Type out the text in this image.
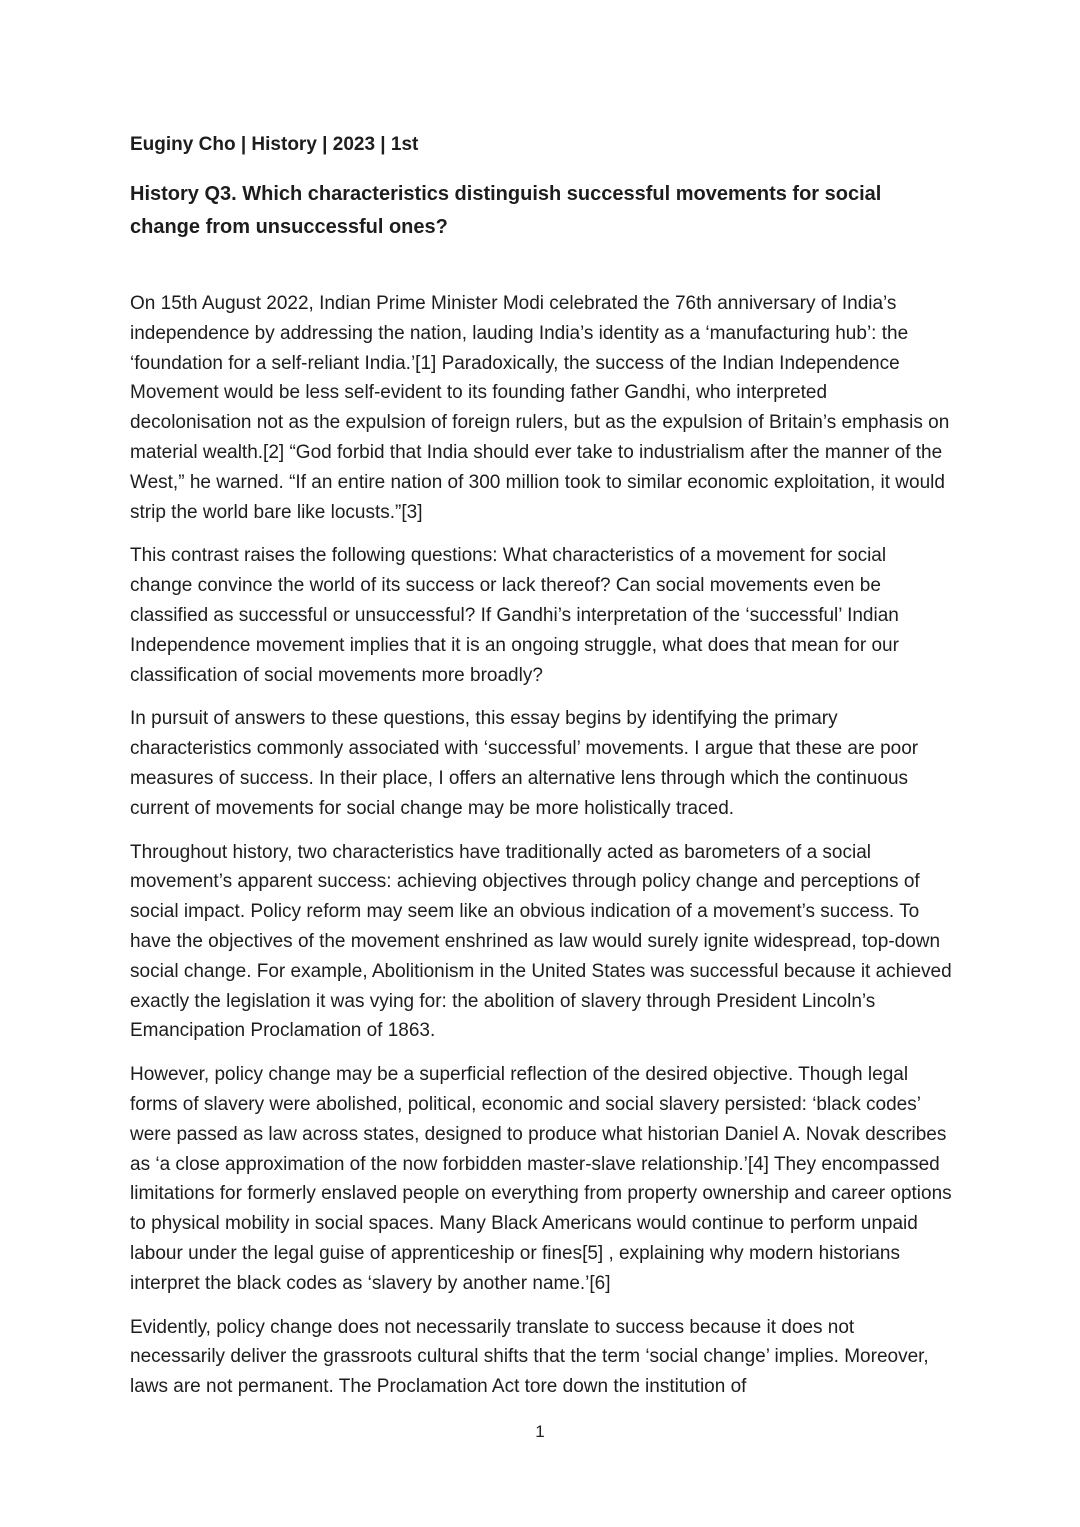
Euginy Cho | History | 2023 | 1st

History Q3. Which characteristics distinguish successful movements for social change from unsuccessful ones?

On 15th August 2022, Indian Prime Minister Modi celebrated the 76th anniversary of India’s independence by addressing the nation, lauding India’s identity as a ‘manufacturing hub’: the ‘foundation for a self-reliant India.’[1] Paradoxically, the success of the Indian Independence Movement would be less self-evident to its founding father Gandhi, who interpreted decolonisation not as the expulsion of foreign rulers, but as the expulsion of Britain’s emphasis on material wealth.[2] “God forbid that India should ever take to industrialism after the manner of the West,” he warned. “If an entire nation of 300 million took to similar economic exploitation, it would strip the world bare like locusts.”[3]

This contrast raises the following questions: What characteristics of a movement for social change convince the world of its success or lack thereof? Can social movements even be classified as successful or unsuccessful? If Gandhi’s interpretation of the ‘successful’ Indian Independence movement implies that it is an ongoing struggle, what does that mean for our classification of social movements more broadly?

In pursuit of answers to these questions, this essay begins by identifying the primary characteristics commonly associated with ‘successful’ movements. I argue that these are poor measures of success. In their place, I offers an alternative lens through which the continuous current of movements for social change may be more holistically traced.

Throughout history, two characteristics have traditionally acted as barometers of a social movement’s apparent success: achieving objectives through policy change and perceptions of social impact. Policy reform may seem like an obvious indication of a movement’s success. To have the objectives of the movement enshrined as law would surely ignite widespread, top-down social change. For example, Abolitionism in the United States was successful because it achieved exactly the legislation it was vying for: the abolition of slavery through President Lincoln’s Emancipation Proclamation of 1863.

However, policy change may be a superficial reflection of the desired objective. Though legal forms of slavery were abolished, political, economic and social slavery persisted: ‘black codes’ were passed as law across states, designed to produce what historian Daniel A. Novak describes as ‘a close approximation of the now forbidden master-slave relationship.’[4] They encompassed limitations for formerly enslaved people on everything from property ownership and career options to physical mobility in social spaces. Many Black Americans would continue to perform unpaid labour under the legal guise of apprenticeship or fines[5] , explaining why modern historians interpret the black codes as ‘slavery by another name.’[6]

Evidently, policy change does not necessarily translate to success because it does not necessarily deliver the grassroots cultural shifts that the term ‘social change’ implies. Moreover, laws are not permanent. The Proclamation Act tore down the institution of

1
